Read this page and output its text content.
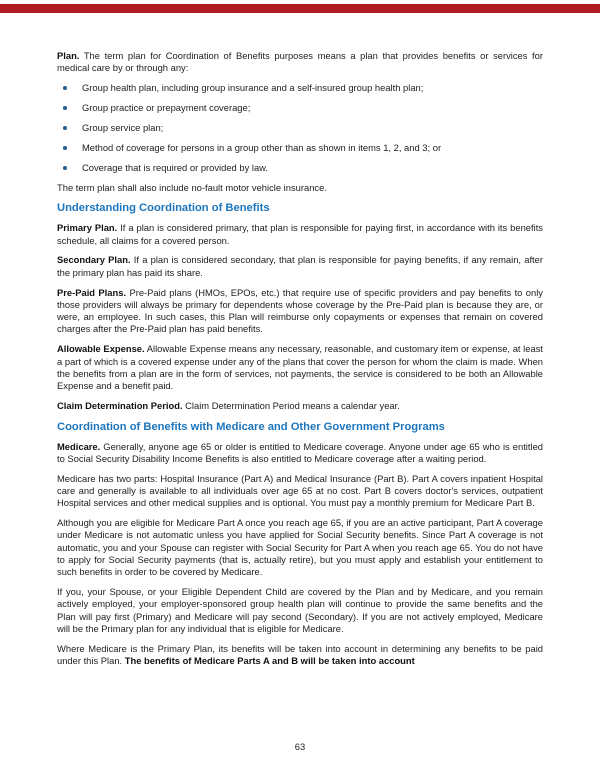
Plan. The term plan for Coordination of Benefits purposes means a plan that provides benefits or services for medical care by or through any:

Group health plan, including group insurance and a self-insured group health plan;
Group practice or prepayment coverage;
Group service plan;
Method of coverage for persons in a group other than as shown in items 1, 2, and 3; or
Coverage that is required or provided by law.

The term plan shall also include no-fault motor vehicle insurance.

Understanding Coordination of Benefits

Primary Plan. If a plan is considered primary, that plan is responsible for paying first, in accordance with its benefits schedule, all claims for a covered person.

Secondary Plan. If a plan is considered secondary, that plan is responsible for paying benefits, if any remain, after the primary plan has paid its share.

Pre-Paid Plans. Pre-Paid plans (HMOs, EPOs, etc.) that require use of specific providers and pay benefits to only those providers will always be primary for dependents whose coverage by the Pre-Paid plan is because they are, or were, an employee. In such cases, this Plan will reimburse only copayments or expenses that remain on covered charges after the Pre-Paid plan has paid benefits.

Allowable Expense. Allowable Expense means any necessary, reasonable, and customary item or expense, at least a part of which is a covered expense under any of the plans that cover the person for whom the claim is made. When the benefits from a plan are in the form of services, not payments, the service is considered to be both an Allowable Expense and a benefit paid.

Claim Determination Period. Claim Determination Period means a calendar year.

Coordination of Benefits with Medicare and Other Government Programs

Medicare. Generally, anyone age 65 or older is entitled to Medicare coverage. Anyone under age 65 who is entitled to Social Security Disability Income Benefits is also entitled to Medicare coverage after a waiting period.

Medicare has two parts: Hospital Insurance (Part A) and Medical Insurance (Part B). Part A covers inpatient Hospital care and generally is available to all individuals over age 65 at no cost. Part B covers doctor's services, outpatient Hospital services and other medical supplies and is optional. You must pay a monthly premium for Medicare Part B.

Although you are eligible for Medicare Part A once you reach age 65, if you are an active participant, Part A coverage under Medicare is not automatic unless you have applied for Social Security benefits. Since Part A coverage is not automatic, you and your Spouse can register with Social Security for Part A when you reach age 65. You do not have to apply for Social Security payments (that is, actually retire), but you must apply and establish your entitlement to such benefits in order to be covered by Medicare.

If you, your Spouse, or your Eligible Dependent Child are covered by the Plan and by Medicare, and you remain actively employed, your employer-sponsored group health plan will continue to provide the same benefits and the Plan will pay first (Primary) and Medicare will pay second (Secondary). If you are not actively employed, Medicare will be the Primary plan for any individual that is eligible for Medicare.

Where Medicare is the Primary Plan, its benefits will be taken into account in determining any benefits to be paid under this Plan. The benefits of Medicare Parts A and B will be taken into account

63
